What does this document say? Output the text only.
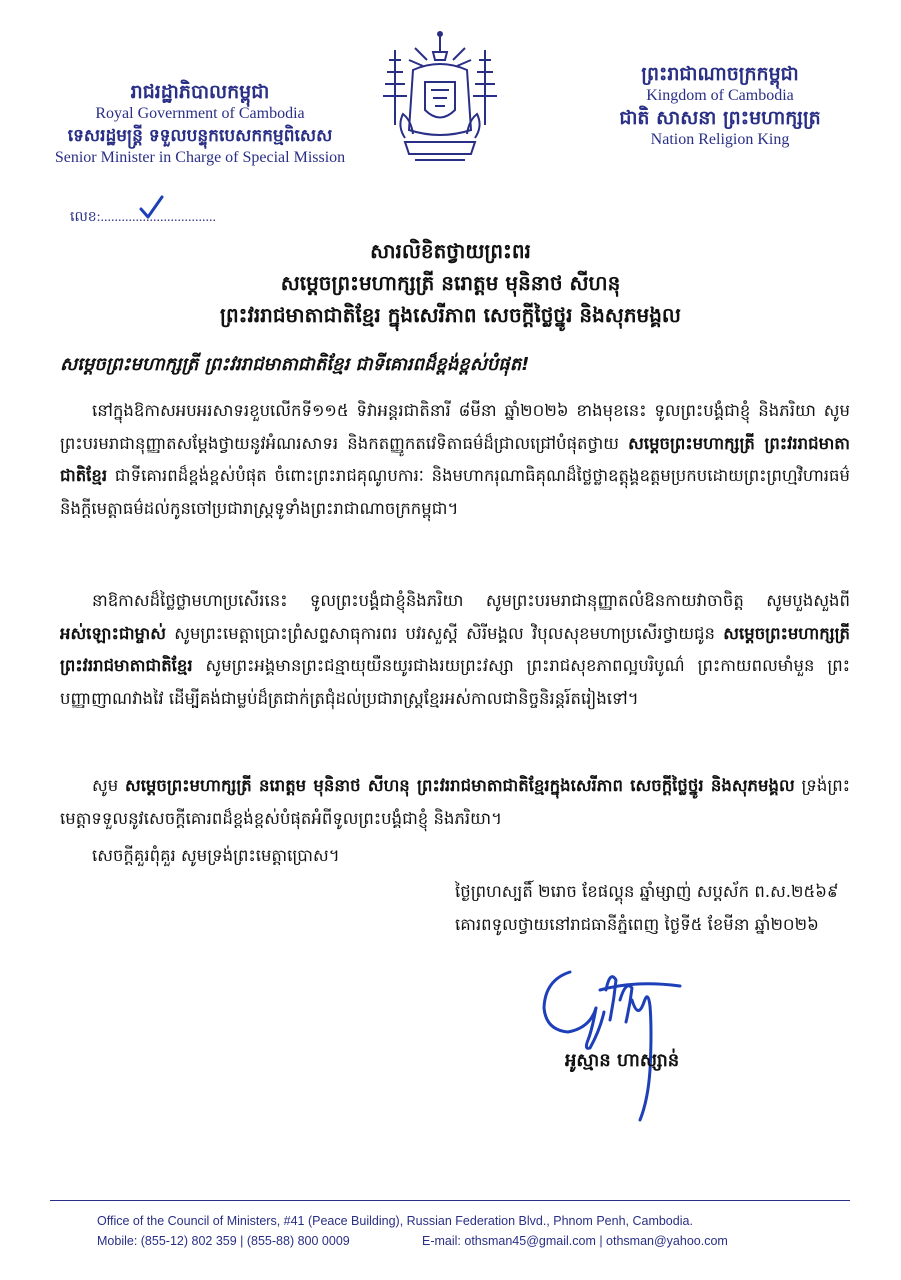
រាជរដ្ឋាភិបាលកម្ពុជា
Royal Government of Cambodia
ទេសរដ្ឋមន្ត្រី ទទួលបន្ទុកបេសកកម្មពិសេស
Senior Minister in Charge of Special Mission
ព្រះរាជាណាចក្រកម្ពុជា
Kingdom of Cambodia
ជាតិ សាសនា ព្រះមហាក្សត្រ
Nation Religion King
លេខ:.................................
សារលិខិតថ្វាយព្រះពរ
សម្តេចព្រះមហាក្សត្រី នរោត្តម មុនិនាថ សីហនុ
ព្រះវររាជមាតាជាតិខ្មែរ ក្នុងសេរីភាព សេចក្តីថ្លៃថ្នូរ និងសុភមង្គល
សម្តេចព្រះមហាក្សត្រី ព្រះវររាជមាតាជាតិខ្មែរ ជាទីគោរពដ៏ខ្ពង់ខ្ពស់បំផុត!
នៅក្នុងឱកាសអបអរសាទរខួបលើកទី១១៥ ទិវាអន្តរជាតិនារី ៨មីនា ឆ្នាំ២០២៦ ខាងមុខនេះ ទូលព្រះបង្គំជាខ្ញុំ និងភរិយា សូមព្រះបរមរាជានុញ្ញាតសម្តែងថ្វាយនូវអំណរសាទរ និងកតញ្ញូកតវេទិតាធម៌ដ៏ជ្រាលជ្រៅបំផុតថ្វាយ សម្តេចព្រះមហាក្សត្រី ព្រះវររាជមាតាជាតិខ្មែរ ជាទីគោរពដ៏ខ្ពង់ខ្ពស់បំផុត ចំពោះព្រះរាជគុណូបការៈ និងមហាករុណាធិគុណដ៏ថ្លៃថ្លាឧត្តុង្គឧត្តមប្រកបដោយព្រះព្រហ្មវិហារធម៌ និងក្តីមេត្តាធម៌ដល់កូនចៅប្រជារាស្ត្រទូទាំងព្រះរាជាណាចក្រកម្ពុជា។
នាឱកាសដ៏ថ្លៃថ្លាមហាប្រសើរនេះ ទូលព្រះបង្គំជាខ្ញុំនិងភរិយា សូមព្រះបរមរាជានុញ្ញាតលំឱនកាយវាចាចិត្ត សូមបួងសួងពី អស់ឡោះជាម្ចាស់ សូមព្រះមេត្តាប្រោះព្រំសព្ទសាធុការពរ បវរសួស្តី សិរីមង្គល វិបុលសុខមហាប្រសើរថ្វាយជូន សម្តេចព្រះមហាក្សត្រី ព្រះវររាជមាតាជាតិខ្មែរ សូមព្រះអង្គមានព្រះជន្មាយុយឺនយូរជាងរយព្រះវស្សា ព្រះរាជសុខភាពល្អបរិបូណ៌ ព្រះកាយពលមាំមួន ព្រះបញ្ញាញាណវាងវៃ ដើម្បីគង់ជាម្លប់ដ៏ត្រជាក់ត្រជុំដល់ប្រជារាស្ត្រខ្មែរអស់កាលជានិច្ចនិរន្តរ៍តរៀងទៅ។
សូម សម្តេចព្រះមហាក្សត្រី នរោត្តម មុនិនាថ សីហនុ ព្រះវររាជមាតាជាតិខ្មែរក្នុងសេរីភាព សេចក្តីថ្លៃថ្នូរ និងសុភមង្គល ទ្រង់ព្រះមេត្តាទទួលនូវសេចក្តីគោរពដ៏ខ្ពង់ខ្ពស់បំផុតអំពីទូលព្រះបង្គំជាខ្ញុំ និងភរិយា។
សេចក្តីគួរពុំគួរ សូមទ្រង់ព្រះមេត្តាប្រោស។
ថ្ងៃព្រហស្បតិ៍ ២រោច ខែផល្គុន ឆ្នាំម្សាញ់ សប្តស័ក ព.ស.២៥៦៩
គោរពទូលថ្វាយនៅរាជធានីភ្នំពេញ ថ្ងៃទី៥ ខែមីនា ឆ្នាំ២០២៦
អូស្មាន ហាស្សាន់
Office of the Council of Ministers, #41 (Peace Building), Russian Federation Blvd., Phnom Penh, Cambodia.
Mobile: (855-12) 802 359 | (855-88) 800 0009	E-mail: othsman45@gmail.com | othsman@yahoo.com
